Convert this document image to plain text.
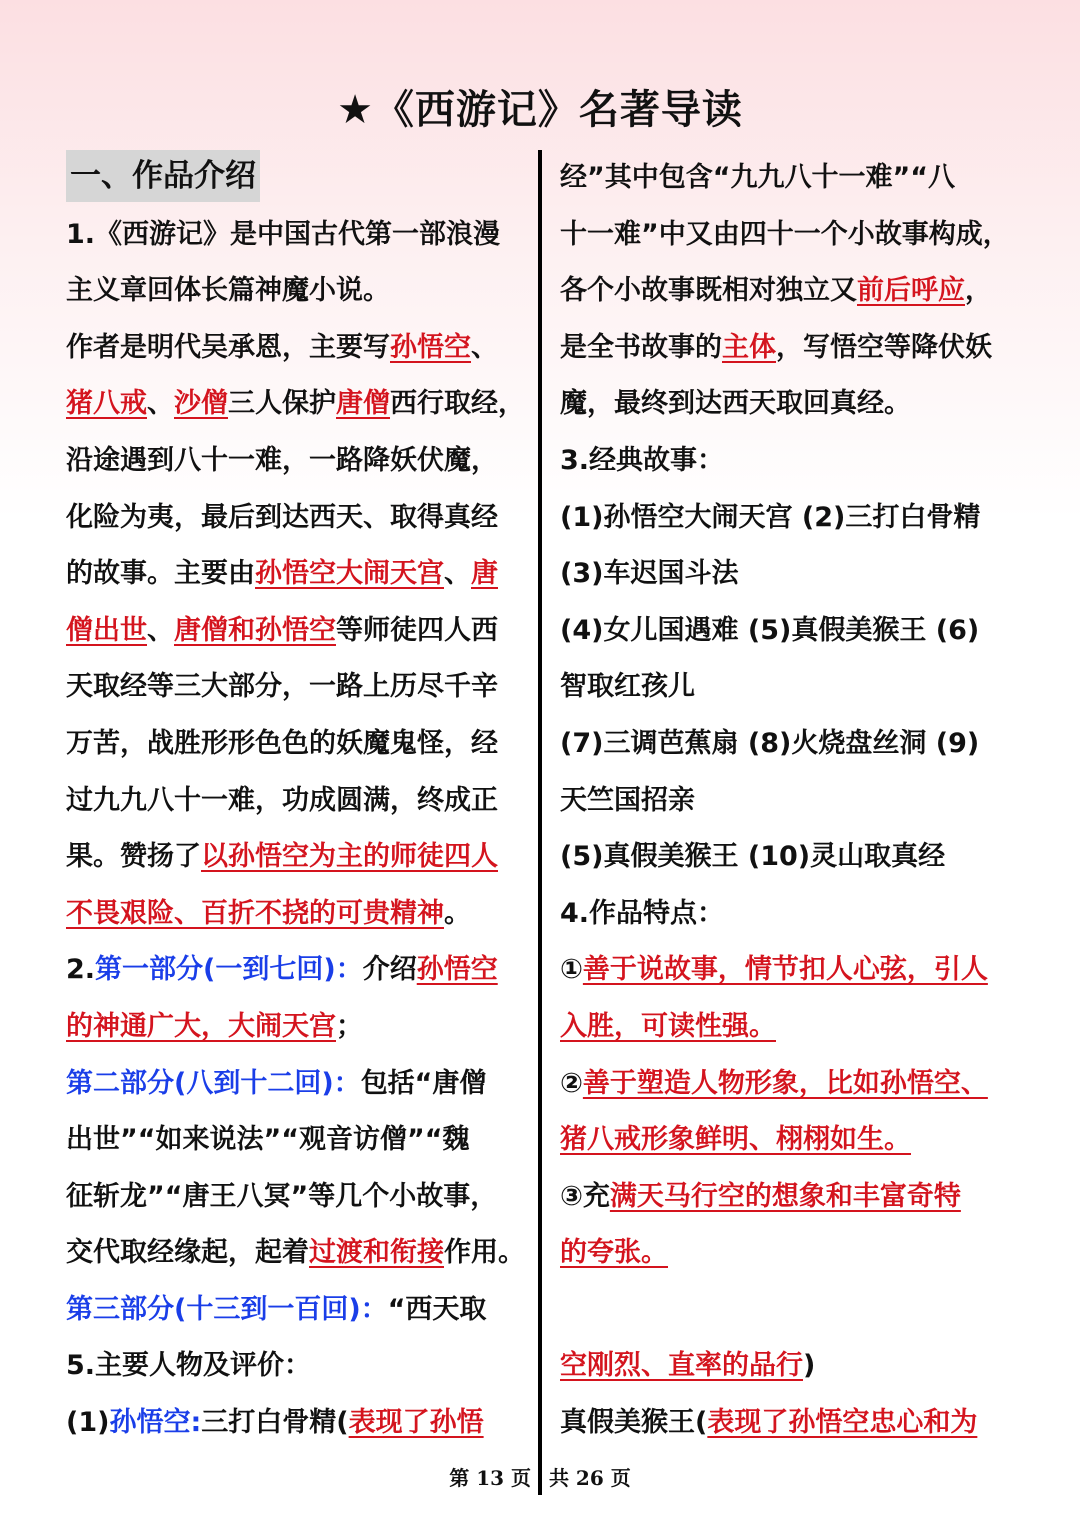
★《西游记》名著导读
一、作品介绍
1.《西游记》是中国古代第一部浪漫
主义章回体长篇神魔小说。
作者是明代吴承恩，主要写孙悟空、
猪八戒、沙僧三人保护唐僧西行取经，
沿途遇到八十一难，一路降妖伏魔，
化险为夷，最后到达西天、取得真经
的故事。主要由孙悟空大闹天宫、唐
僧出世、唐僧和孙悟空等师徒四人西
天取经等三大部分，一路上历尽千辛
万苦，战胜形形色色的妖魔鬼怪，经
过九九八十一难，功成圆满，终成正
果。赞扬了以孙悟空为主的师徒四人
不畏艰险、百折不挠的可贵精神。
2.第一部分(一到七回)：介绍孙悟空
的神通广大，大闹天宫；
第二部分(八到十二回)：包括“唐僧
出世”“如来说法”“观音访僧”“魏
征斩龙”“唐王八冥”等几个小故事，
交代取经缘起，起着过渡和衔接作用。
第三部分(十三到一百回)：“西天取
5.主要人物及评价：
(1)孙悟空:三打白骨精(表现了孙悟
经”其中包含“九九八十一难”“八
十一难”中又由四十一个小故事构成，
各个小故事既相对独立又前后呼应，
是全书故事的主体，写悟空等降伏妖
魔，最终到达西天取回真经。
3.经典故事：
(1)孙悟空大闹天宫 (2)三打白骨精
(3)车迟国斗法
(4)女儿国遇难 (5)真假美猴王 (6)
智取红孩儿
(7)三调芭蕉扇 (8)火烧盘丝洞 (9)
天竺国招亲
(5)真假美猴王 (10)灵山取真经
4.作品特点：
①善于说故事，情节扣人心弦，引人
入胜，可读性强。
②善于塑造人物形象，比如孙悟空、
猪八戒形象鲜明、栩栩如生。
③充满天马行空的想象和丰富奇特
的夸张。
空刚烈、直率的品行)
真假美猴王(表现了孙悟空忠心和为
第 13 页 共 26 页
